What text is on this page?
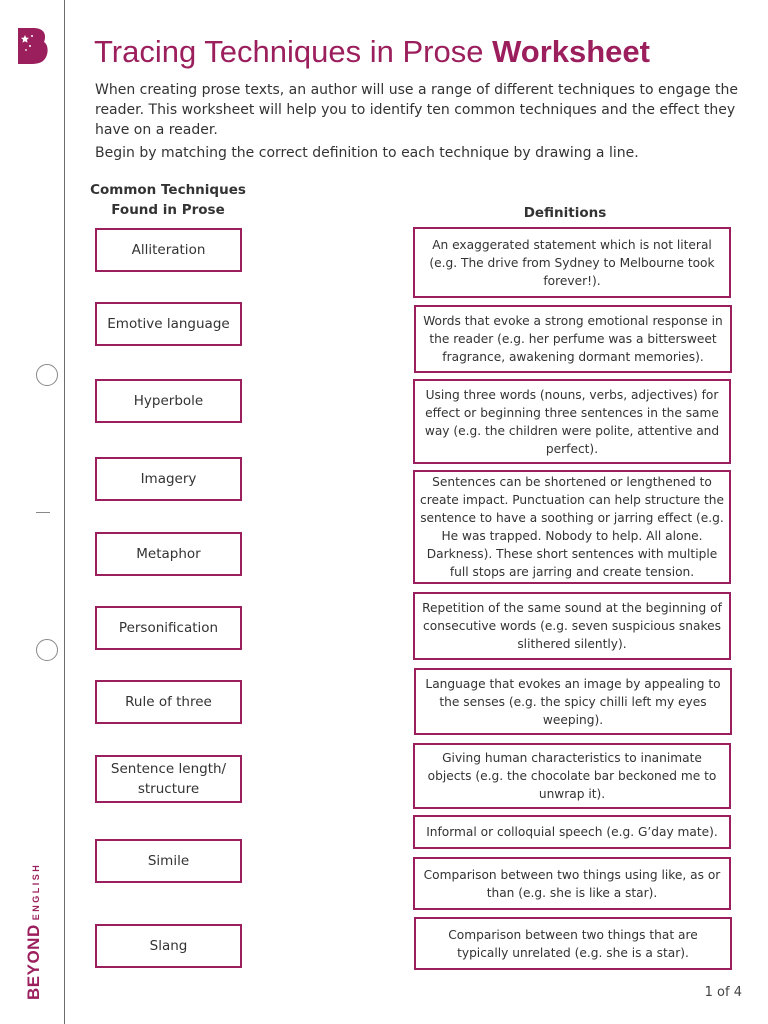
BEYONDENGLISH
Tracing Techniques in Prose Worksheet

When creating prose texts, an author will use a range of different techniques to engage the reader. This worksheet will help you to identify ten common techniques and the effect they have on a reader.

Begin by matching the correct definition to each technique by drawing a line.

Common Techniques Found in Prose	Definitions
Alliteration
Emotive language
Hyperbole
Imagery
Metaphor
Personification
Rule of three
Sentence length/ structure
Simile
Slang
An exaggerated statement which is not literal (e.g. The drive from Sydney to Melbourne took forever!).
Words that evoke a strong emotional response in the reader (e.g. her perfume was a bittersweet fragrance, awakening dormant memories).
Using three words (nouns, verbs, adjectives) for effect or beginning three sentences in the same way (e.g. the children were polite, attentive and perfect).
Sentences can be shortened or lengthened to create impact. Punctuation can help structure the sentence to have a soothing or jarring effect (e.g. He was trapped. Nobody to help. All alone. Darkness). These short sentences with multiple full stops are jarring and create tension.
Repetition of the same sound at the beginning of consecutive words (e.g. seven suspicious snakes slithered silently).
Language that evokes an image by appealing to the senses (e.g. the spicy chilli left my eyes weeping).
Giving human characteristics to inanimate objects (e.g. the chocolate bar beckoned me to unwrap it).
Informal or colloquial speech (e.g. G’day mate).
Comparison between two things using like, as or than (e.g. she is like a star).
Comparison between two things that are typically unrelated (e.g. she is a star).
1 of 4
